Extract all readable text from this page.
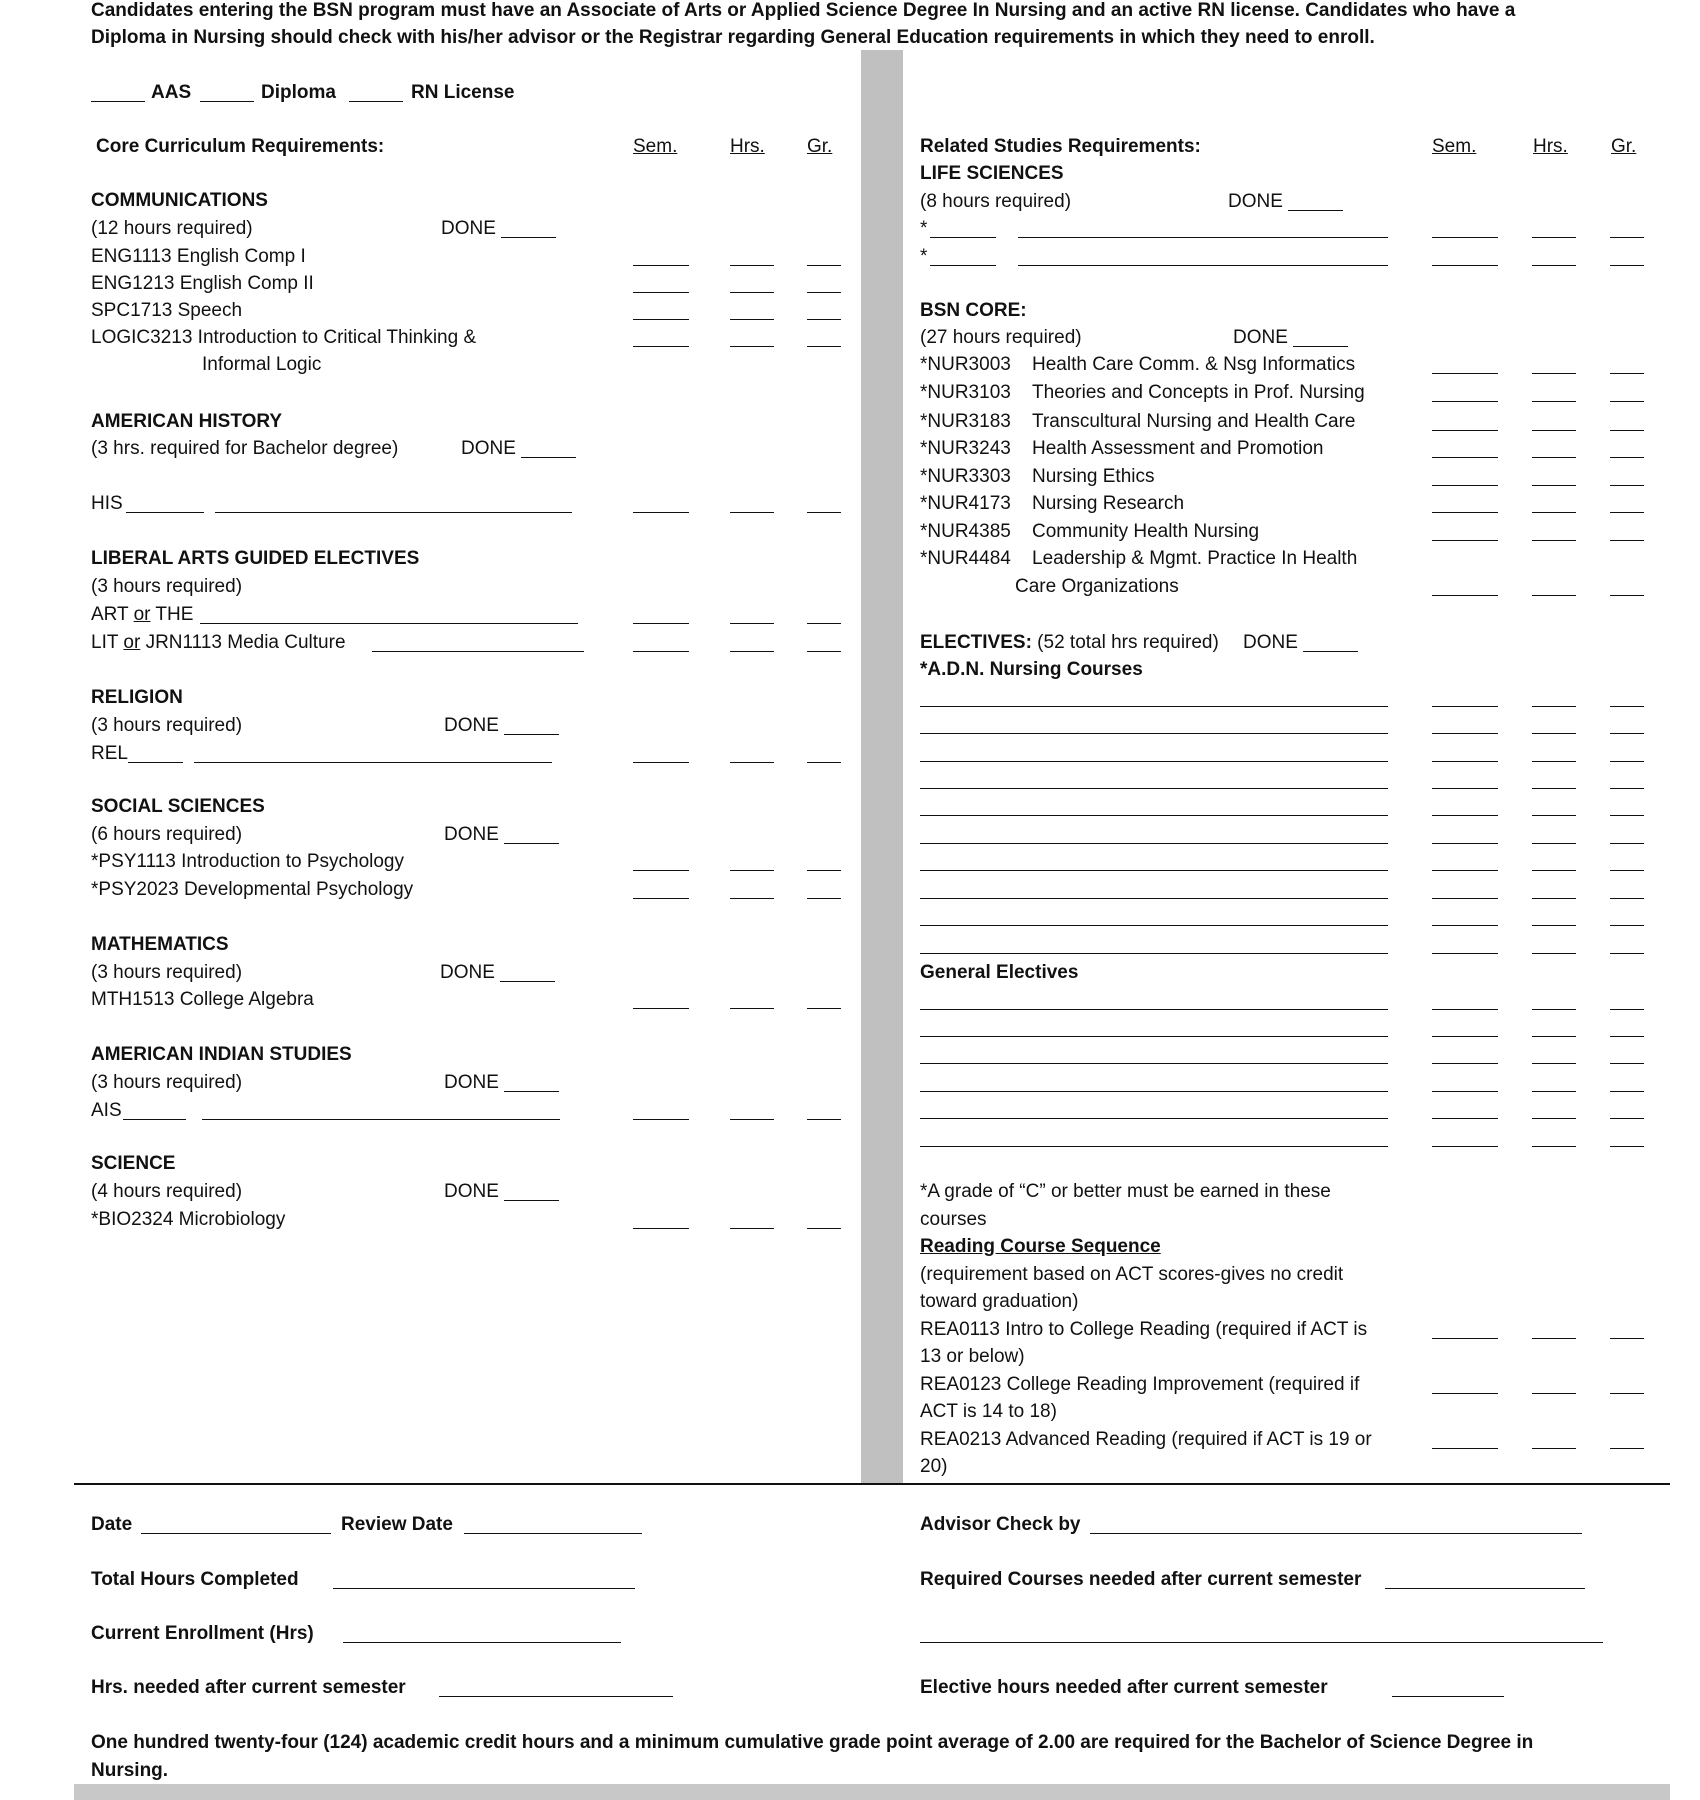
Candidates entering the BSN program must have an Associate of Arts or Applied Science Degree In Nursing and an active RN license. Candidates who have a
Diploma in Nursing should check with his/her advisor or the Registrar regarding General Education requirements in which they need to enroll.
AAS	Diploma	RN License
Core Curriculum Requirements:	Sem.	Hrs. Gr.
COMMUNICATIONS
(12 hours required)	DONE
ENG1113 English Comp I
ENG1213 English Comp II
SPC1713 Speech
LOGIC3213 Introduction to Critical Thinking &
Informal Logic
AMERICAN HISTORY
(3 hrs. required for Bachelor degree)	DONE
HIS
LIBERAL ARTS GUIDED ELECTIVES
(3 hours required)
ART or THE
LIT or JRN1113 Media Culture
RELIGION
(3 hours required)	DONE
REL
SOCIAL SCIENCES
(6 hours required)	DONE
*PSY1113 Introduction to Psychology
*PSY2023 Developmental Psychology
MATHEMATICS
(3 hours required)	DONE
MTH1513 College Algebra
AMERICAN INDIAN STUDIES
(3 hours required)	DONE
AIS
SCIENCE
(4 hours required)	DONE
*BIO2324 Microbiology
Related Studies Requirements:	Sem.	Hrs. Gr.
LIFE SCIENCES
(8 hours required)	DONE
*
*
BSN CORE:
(27 hours required)	DONE
*NUR3003 Health Care Comm. & Nsg Informatics
*NUR3103 Theories and Concepts in Prof. Nursing
*NUR3183 Transcultural Nursing and Health Care
*NUR3243 Health Assessment and Promotion
*NUR3303 Nursing Ethics
*NUR4173 Nursing Research
*NUR4385 Community Health Nursing
*NUR4484 Leadership & Mgmt. Practice In Health
Care Organizations
ELECTIVES: (52 total hrs required) DONE
*A.D.N. Nursing Courses
General Electives
*A grade of “C” or better must be earned in these
courses
Reading Course Sequence
(requirement based on ACT scores-gives no credit
toward graduation)
REA0113 Intro to College Reading (required if ACT is
13 or below)
REA0123 College Reading Improvement (required if
ACT is 14 to 18)
REA0213 Advanced Reading (required if ACT is 19 or
20)
Date	Review Date	Advisor Check by
Total Hours Completed	Required Courses needed after current semester
Current Enrollment (Hrs)
Hrs. needed after current semester	Elective hours needed after current semester
One hundred twenty-four (124) academic credit hours and a minimum cumulative grade point average of 2.00 are required for the Bachelor of Science Degree in
Nursing.
